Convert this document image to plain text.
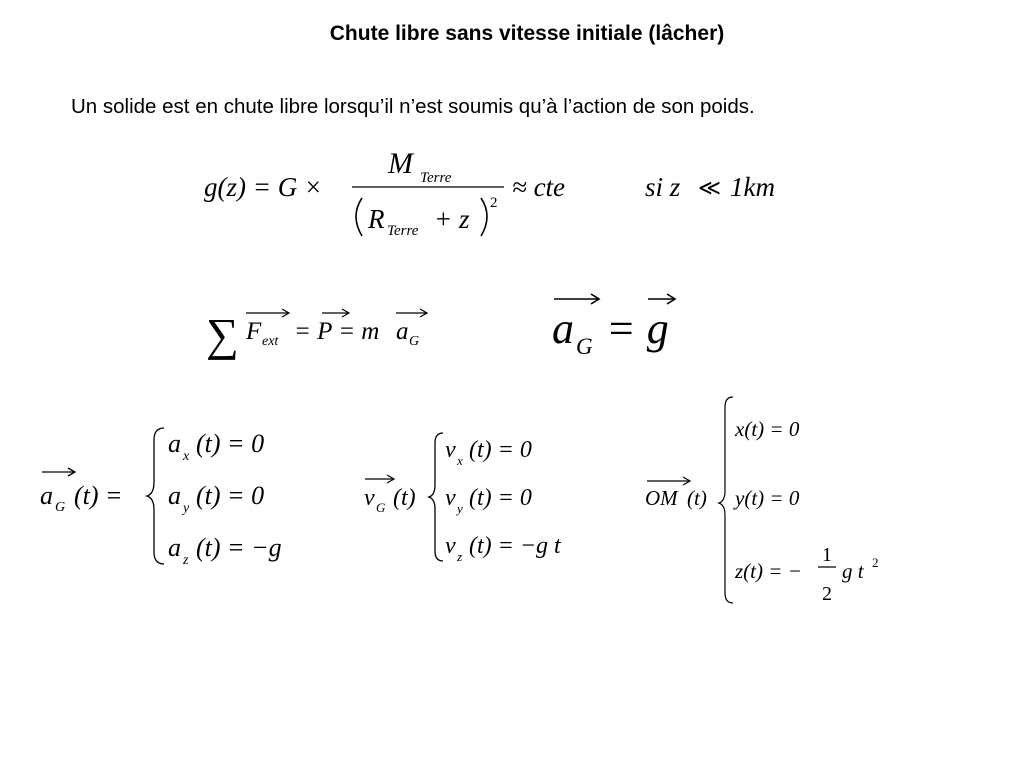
Chute libre sans vitesse initiale (lâcher)
Un solide est en chute libre lorsqu’il n’est soumis qu’à l’action de son poids.
g(z) = G ×
M Terre
R Terre + z
2
≈ cte	si z ≪ 1km
∑ F ext = P = m a G	a G = g
a G (t) =
a x (t) = 0
a y (t) = 0
a z (t) = −g
v G (t)
v x (t) = 0
v y (t) = 0
v z (t) = −g t
OM (t)
x(t) = 0
y(t) = 0
z(t) = −
1
2
g t 2
